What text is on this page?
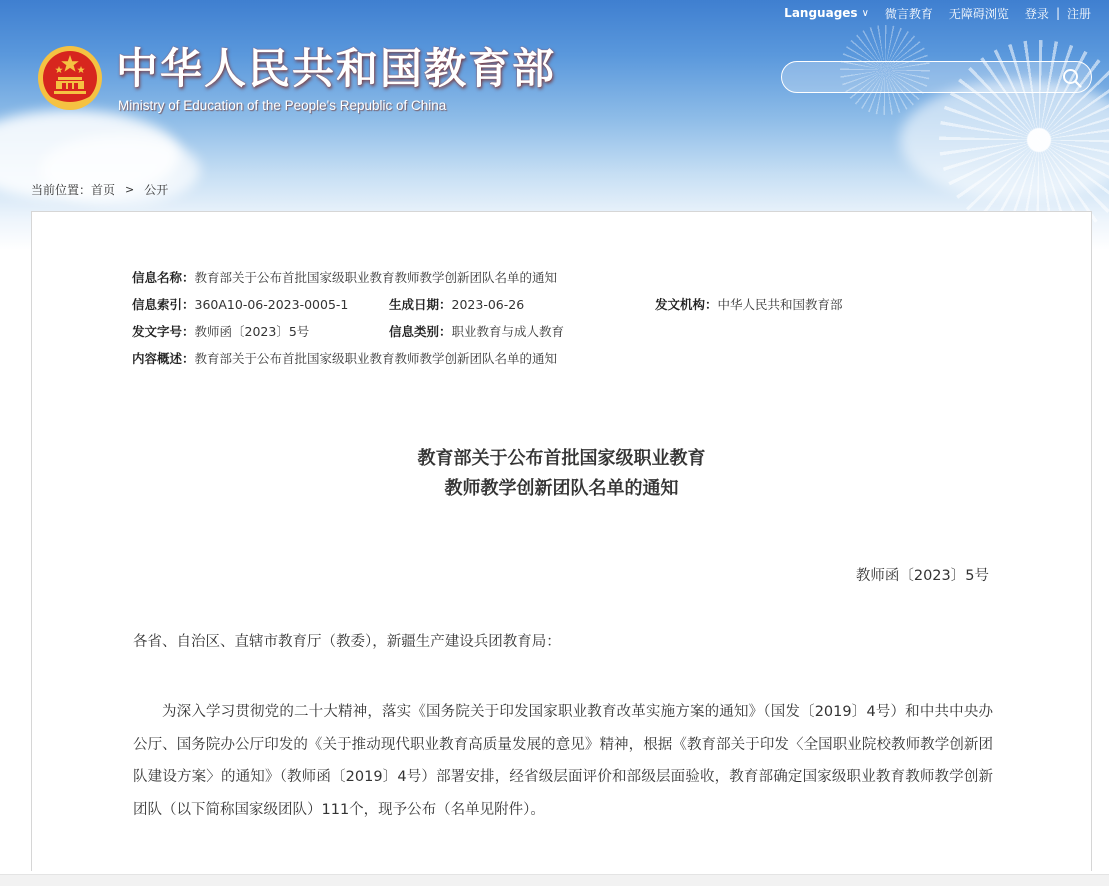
Languages ∨ 微言教育 无障碍浏览 登录 | 注册
中华人民共和国教育部
Ministry of Education of the People's Republic of China
当前位置： 首页 > 公开
信息名称：教育部关于公布首批国家级职业教育教师教学创新团队名单的通知
信息索引：360A10-06-2023-0005-1	生成日期：2023-06-26	发文机构：中华人民共和国教育部
发文字号：教师函〔2023〕5号	信息类别：职业教育与成人教育
内容概述：教育部关于公布首批国家级职业教育教师教学创新团队名单的通知
教育部关于公布首批国家级职业教育
教师教学创新团队名单的通知
教师函〔2023〕5号
各省、自治区、直辖市教育厅（教委），新疆生产建设兵团教育局：

为深入学习贯彻党的二十大精神，落实《国务院关于印发国家职业教育改革实施方案的通知》（国发〔2019〕4号）和中共中央办公厅、国务院办公厅印发的《关于推动现代职业教育高质量发展的意见》精神，根据《教育部关于印发〈全国职业院校教师教学创新团队建设方案〉的通知》（教师函〔2019〕4号）部署安排，经省级层面评价和部级层面验收，教育部确定国家级职业教育教师教学创新团队（以下简称国家级团队）111个，现予公布（名单见附件）。
